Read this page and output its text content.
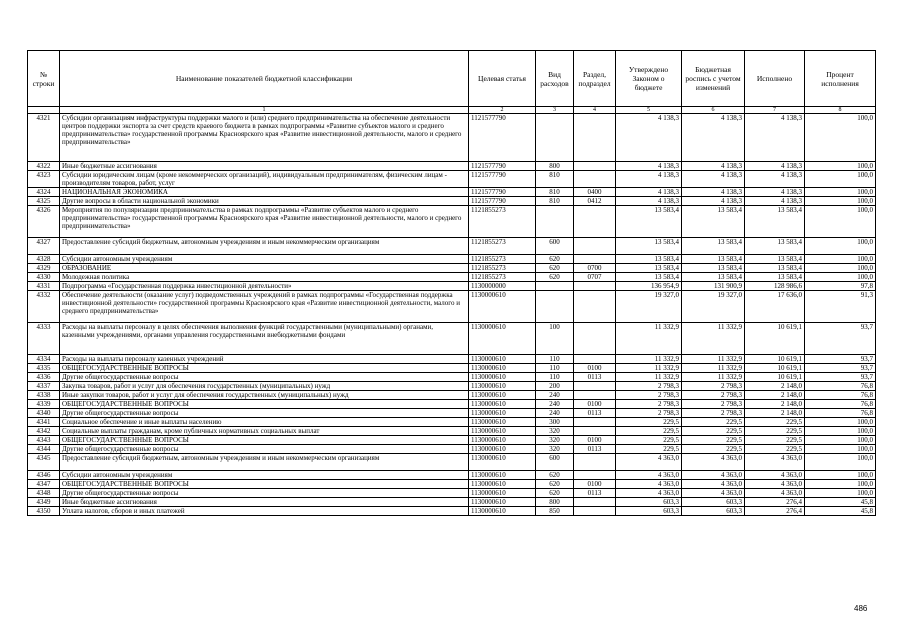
№ строки	Наименование показателей бюджетной классификации	Целевая статья	Вид расходов	Раздел, подраздел	Утверждено Законом о бюджете	Бюджетная роспись с учетом изменений	Исполнено	Процент исполнения
	1	2	3	4	5	6	7	8
4321	Субсидии организациям инфраструктуры поддержки малого и (или) среднего предпринимательства на обеспечение деятельности центров поддержки экспорта за счет средств краевого бюджета в рамках подпрограммы «Развитие субъектов малого и среднего предпринимательства» государственной программы Красноярского края «Развитие инвестиционной деятельности, малого и среднего предпринимательства»	1121577790			4 138,3	4 138,3	4 138,3	100,0
4322	Иные бюджетные ассигнования	1121577790	800		4 138,3	4 138,3	4 138,3	100,0
4323	Субсидии юридическим лицам (кроме некоммерческих организаций), индивидуальным предпринимателям, физическим лицам - производителям товаров, работ, услуг	1121577790	810		4 138,3	4 138,3	4 138,3	100,0
4324	НАЦИОНАЛЬНАЯ ЭКОНОМИКА	1121577790	810	0400	4 138,3	4 138,3	4 138,3	100,0
4325	Другие вопросы в области национальной экономики	1121577790	810	0412	4 138,3	4 138,3	4 138,3	100,0
4326	Мероприятия по популяризации предпринимательства в рамках подпрограммы «Развитие субъектов малого и среднего предпринимательства» государственной программы Красноярского края «Развитие инвестиционной деятельности, малого и среднего предпринимательства»	1121855273			13 583,4	13 583,4	13 583,4	100,0
4327	Предоставление субсидий бюджетным, автономным учреждениям и иным некоммерческим организациям	1121855273	600		13 583,4	13 583,4	13 583,4	100,0
4328	Субсидии автономным учреждениям	1121855273	620		13 583,4	13 583,4	13 583,4	100,0
4329	ОБРАЗОВАНИЕ	1121855273	620	0700	13 583,4	13 583,4	13 583,4	100,0
4330	Молодежная политика	1121855273	620	0707	13 583,4	13 583,4	13 583,4	100,0
4331	Подпрограмма «Государственная поддержка инвестиционной деятельности»	1130000000			136 954,9	131 900,9	128 986,6	97,8
4332	Обеспечение деятельности (оказание услуг) подведомственных учреждений в рамках подпрограммы «Государственная поддержка инвестиционной деятельности» государственной программы Красноярского края «Развитие инвестиционной деятельности, малого и среднего предпринимательства»	1130000610			19 327,0	19 327,0	17 636,0	91,3
4333	Расходы на выплаты персоналу в целях обеспечения выполнения функций государственными (муниципальными) органами, казенными учреждениями, органами управления государственными внебюджетными фондами	1130000610	100		11 332,9	11 332,9	10 619,1	93,7
4334	Расходы на выплаты персоналу казенных учреждений	1130000610	110		11 332,9	11 332,9	10 619,1	93,7
4335	ОБЩЕГОСУДАРСТВЕННЫЕ ВОПРОСЫ	1130000610	110	0100	11 332,9	11 332,9	10 619,1	93,7
4336	Другие общегосударственные вопросы	1130000610	110	0113	11 332,9	11 332,9	10 619,1	93,7
4337	Закупка товаров, работ и услуг для обеспечения государственных (муниципальных) нужд	1130000610	200		2 798,3	2 798,3	2 148,0	76,8
4338	Иные закупки товаров, работ и услуг для обеспечения государственных (муниципальных) нужд	1130000610	240		2 798,3	2 798,3	2 148,0	76,8
4339	ОБЩЕГОСУДАРСТВЕННЫЕ ВОПРОСЫ	1130000610	240	0100	2 798,3	2 798,3	2 148,0	76,8
4340	Другие общегосударственные вопросы	1130000610	240	0113	2 798,3	2 798,3	2 148,0	76,8
4341	Социальное обеспечение и иные выплаты населению	1130000610	300		229,5	229,5	229,5	100,0
4342	Социальные выплаты гражданам, кроме публичных нормативных социальных выплат	1130000610	320		229,5	229,5	229,5	100,0
4343	ОБЩЕГОСУДАРСТВЕННЫЕ ВОПРОСЫ	1130000610	320	0100	229,5	229,5	229,5	100,0
4344	Другие общегосударственные вопросы	1130000610	320	0113	229,5	229,5	229,5	100,0
4345	Предоставление субсидий бюджетным, автономным учреждениям и иным некоммерческим организациям	1130000610	600		4 363,0	4 363,0	4 363,0	100,0
4346	Субсидии автономным учреждениям	1130000610	620		4 363,0	4 363,0	4 363,0	100,0
4347	ОБЩЕГОСУДАРСТВЕННЫЕ ВОПРОСЫ	1130000610	620	0100	4 363,0	4 363,0	4 363,0	100,0
4348	Другие общегосударственные вопросы	1130000610	620	0113	4 363,0	4 363,0	4 363,0	100,0
4349	Иные бюджетные ассигнования	1130000610	800		603,3	603,3	276,4	45,8
4350	Уплата налогов, сборов и иных платежей	1130000610	850		603,3	603,3	276,4	45,8
486
